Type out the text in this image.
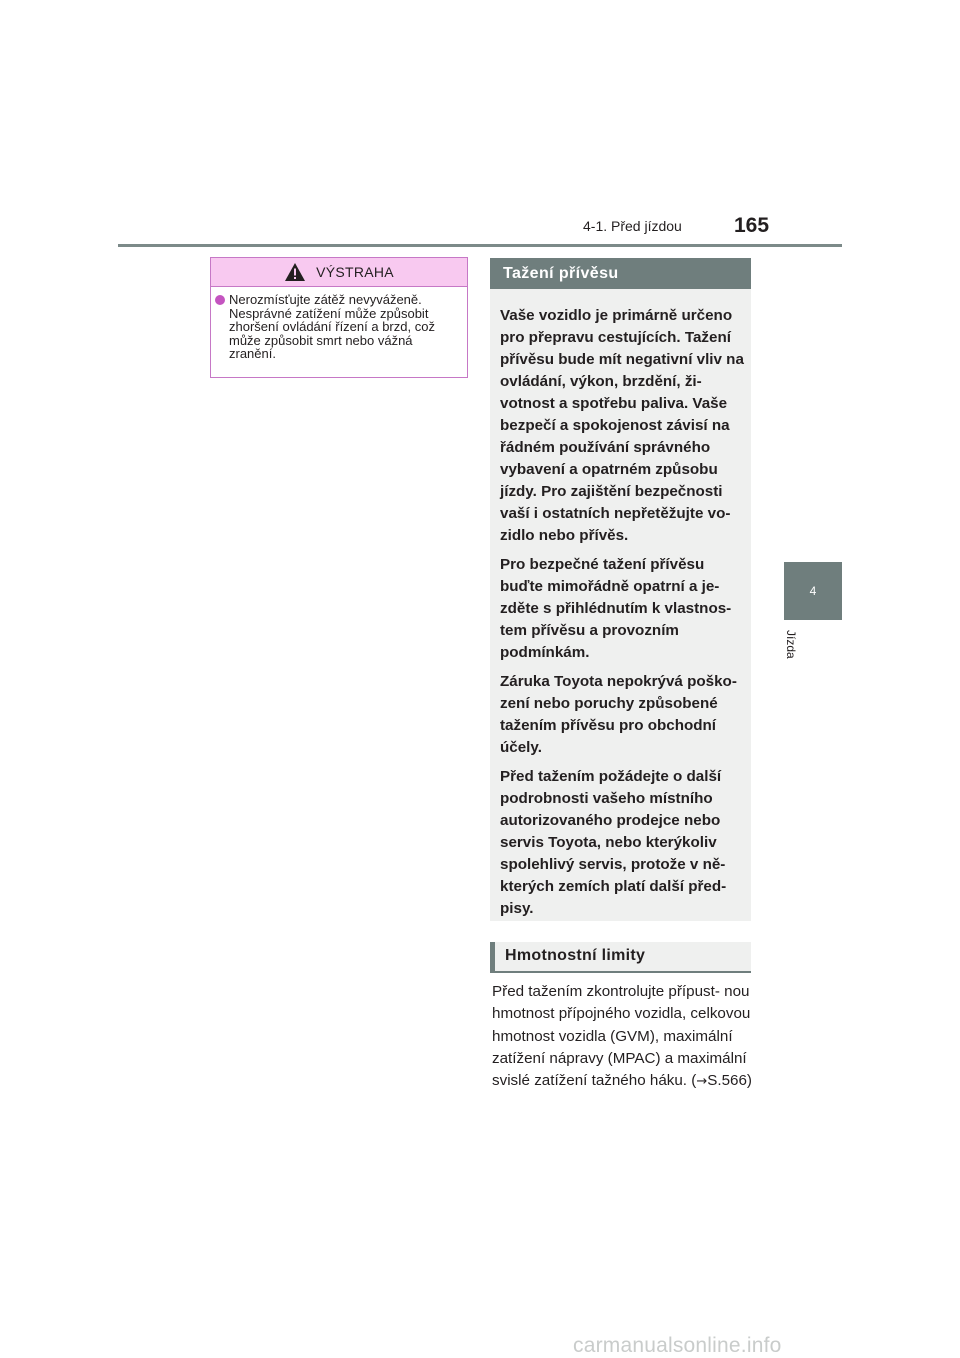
4-1. Před jízdou 165
4
Jízda
VÝSTRAHA
Nerozmísťujte zátěž nevyváženě. Nesprávné zatížení může způsobit zhoršení ovládání řízení a brzd, což může způsobit smrt nebo vážná zranění.
Tažení přívěsu

Vaše vozidlo je primárně určeno pro přepravu cestujících. Tažení přívěsu bude mít negativní vliv na ovládání, výkon, brzdění, ži- votnost a spotřebu paliva. Vaše bezpečí a spokojenost závisí na řádném používání správného vybavení a opatrném způsobu jízdy. Pro zajištění bezpečnosti vaší i ostatních nepřetěžujte vo- zidlo nebo přívěs.

Pro bezpečné tažení přívěsu buďte mimořádně opatrní a je- zděte s přihlédnutím k vlastnos- tem přívěsu a provozním podmínkám.

Záruka Toyota nepokrývá poško- zení nebo poruchy způsobené tažením přívěsu pro obchodní účely.

Před tažením požádejte o další podrobnosti vašeho místního autorizovaného prodejce nebo servis Toyota, nebo kterýkoliv spolehlivý servis, protože v ně- kterých zemích platí další před- pisy.

Hmotnostní limity
Před tažením zkontrolujte přípust- nou hmotnost přípojného vozidla, celkovou hmotnost vozidla (GVM), maximální zatížení nápravy (MPAC) a maximální svislé zatížení tažného háku. (→S.566)
carmanualsonline.info
